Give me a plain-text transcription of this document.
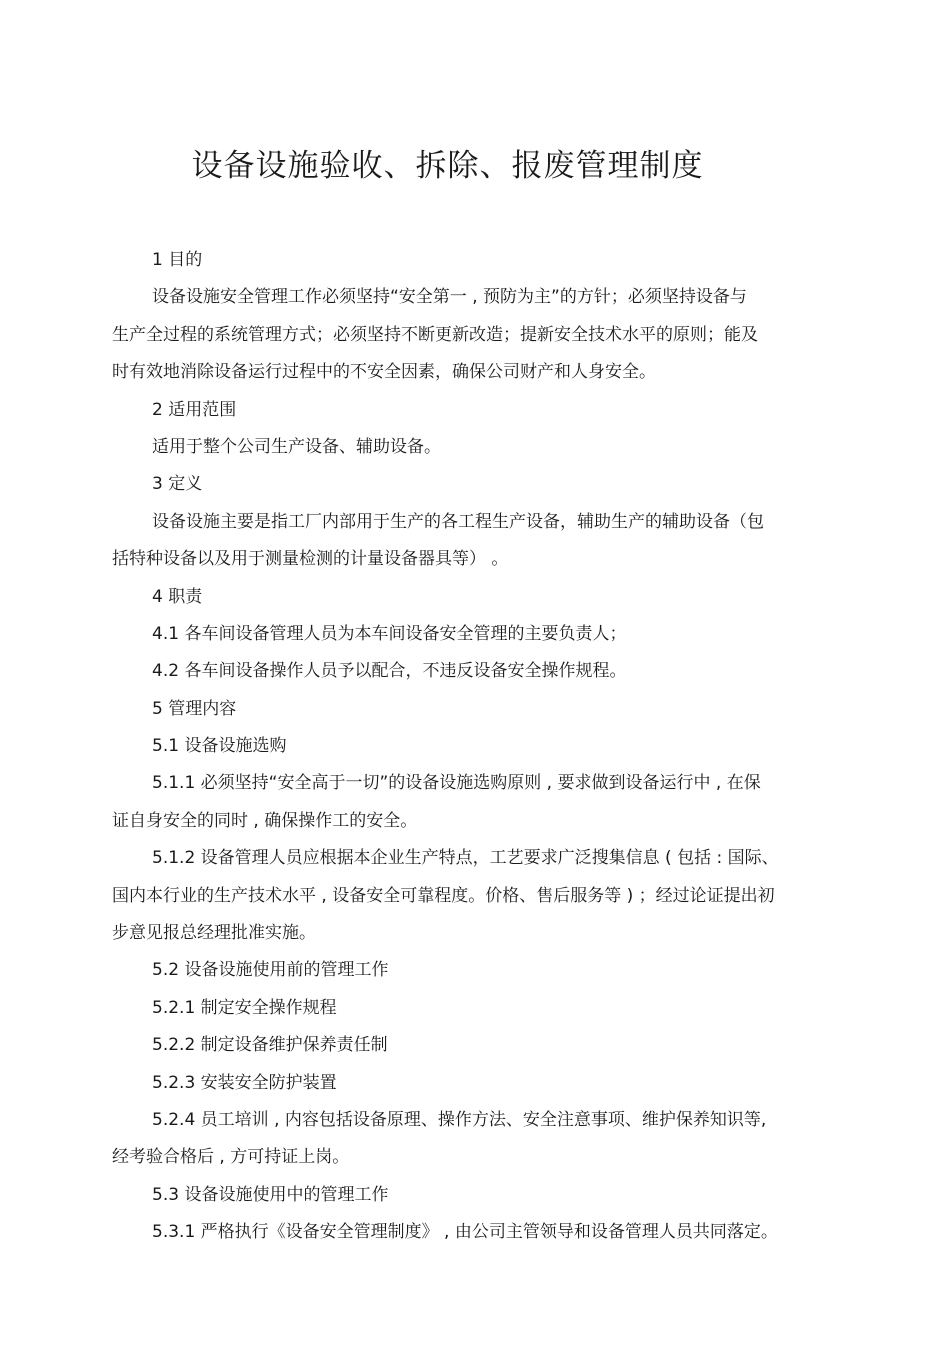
设备设施验收、拆除、报废管理制度
1 目的
设备设施安全管理工作必须坚持“安全第一 , 预防为主”的方针；必须坚持设备与
生产全过程的系统管理方式；必须坚持不断更新改造；提新安全技术水平的原则；能及
时有效地消除设备运行过程中的不安全因素，确保公司财产和人身安全。
2 适用范围
适用于整个公司生产设备、辅助设备。
3 定义
设备设施主要是指工厂内部用于生产的各工程生产设备，辅助生产的辅助设备（包
括特种设备以及用于测量检测的计量设备器具等） 。
4 职责
4.1 各车间设备管理人员为本车间设备安全管理的主要负责人；
4.2 各车间设备操作人员予以配合，不违反设备安全操作规程。
5 管理内容
5.1 设备设施选购
5.1.1 必须坚持“安全高于一切”的设备设施选购原则 , 要求做到设备运行中 , 在保
证自身安全的同时 , 确保操作工的安全。
5.1.2 设备管理人员应根据本企业生产特点，工艺要求广泛搜集信息 ( 包括 : 国际、
国内本行业的生产技术水平 , 设备安全可靠程度。价格、售后服务等 ) ；经过论证提出初
步意见报总经理批准实施。
5.2 设备设施使用前的管理工作
5.2.1 制定安全操作规程
5.2.2 制定设备维护保养责任制
5.2.3 安装安全防护装置
5.2.4 员工培训 , 内容包括设备原理、操作方法、安全注意事项、维护保养知识等,
经考验合格后 , 方可持证上岗。
5.3 设备设施使用中的管理工作
5.3.1 严格执行《设备安全管理制度》 , 由公司主管领导和设备管理人员共同落定。
